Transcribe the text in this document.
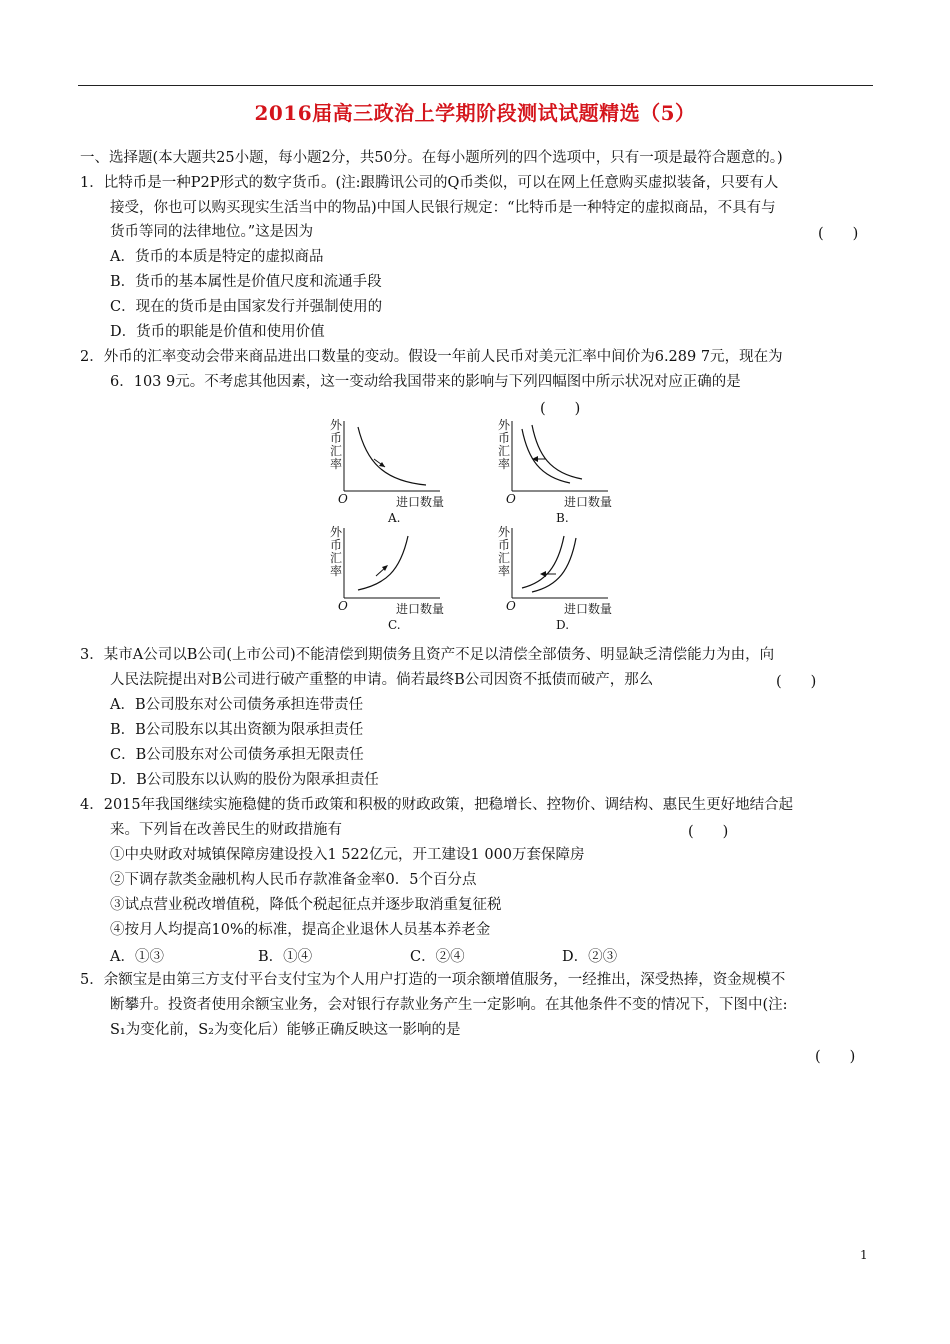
2016届高三政治上学期阶段测试试题精选（5）
一、选择题(本大题共25小题，每小题2分，共50分。在每小题所列的四个选项中，只有一项是最符合题意的。)
1．比特币是一种P2P形式的数字货币。(注:跟腾讯公司的Q币类似，可以在网上任意购买虚拟装备，只要有人
接受，你也可以购买现实生活当中的物品)中国人民银行规定：“比特币是一种特定的虚拟商品，不具有与
货币等同的法律地位。”这是因为	(　　)
A．货币的本质是特定的虚拟商品
B．货币的基本属性是价值尺度和流通手段
C．现在的货币是由国家发行并强制使用的
D．货币的职能是价值和使用价值
2．外币的汇率变动会带来商品进出口数量的变动。假设一年前人民币对美元汇率中间价为6.289 7元，现在为
6．103 9元。不考虑其他因素，这一变动给我国带来的影响与下列四幅图中所示状况对应正确的是
(　　)
外币汇率
O	进口数量
A.
外币汇率
O	进口数量
B.
外币汇率
O	进口数量
C.
外币汇率
O	进口数量
D.
3．某市A公司以B公司(上市公司)不能清偿到期债务且资产不足以清偿全部债务、明显缺乏清偿能力为由，向
人民法院提出对B公司进行破产重整的申请。倘若最终B公司因资不抵债而破产，那么	(　　)
A．B公司股东对公司债务承担连带责任
B．B公司股东以其出资额为限承担责任
C．B公司股东对公司债务承担无限责任
D．B公司股东以认购的股份为限承担责任
4．2015年我国继续实施稳健的货币政策和积极的财政政策，把稳增长、控物价、调结构、惠民生更好地结合起
来。下列旨在改善民生的财政措施有	(　　)
①中央财政对城镇保障房建设投入1 522亿元，开工建设1 000万套保障房
②下调存款类金融机构人民币存款准备金率0．5个百分点
③试点营业税改增值税，降低个税起征点并逐步取消重复征税
④按月人均提高10%的标准，提高企业退休人员基本养老金
A．①③	B．①④	C．②④	D．②③
5．余额宝是由第三方支付平台支付宝为个人用户打造的一项余额增值服务，一经推出，深受热捧，资金规模不
断攀升。投资者使用余额宝业务，会对银行存款业务产生一定影响。在其他条件不变的情况下，下图中(注:
S₁为变化前，S₂为变化后）能够正确反映这一影响的是
(　　)
1
